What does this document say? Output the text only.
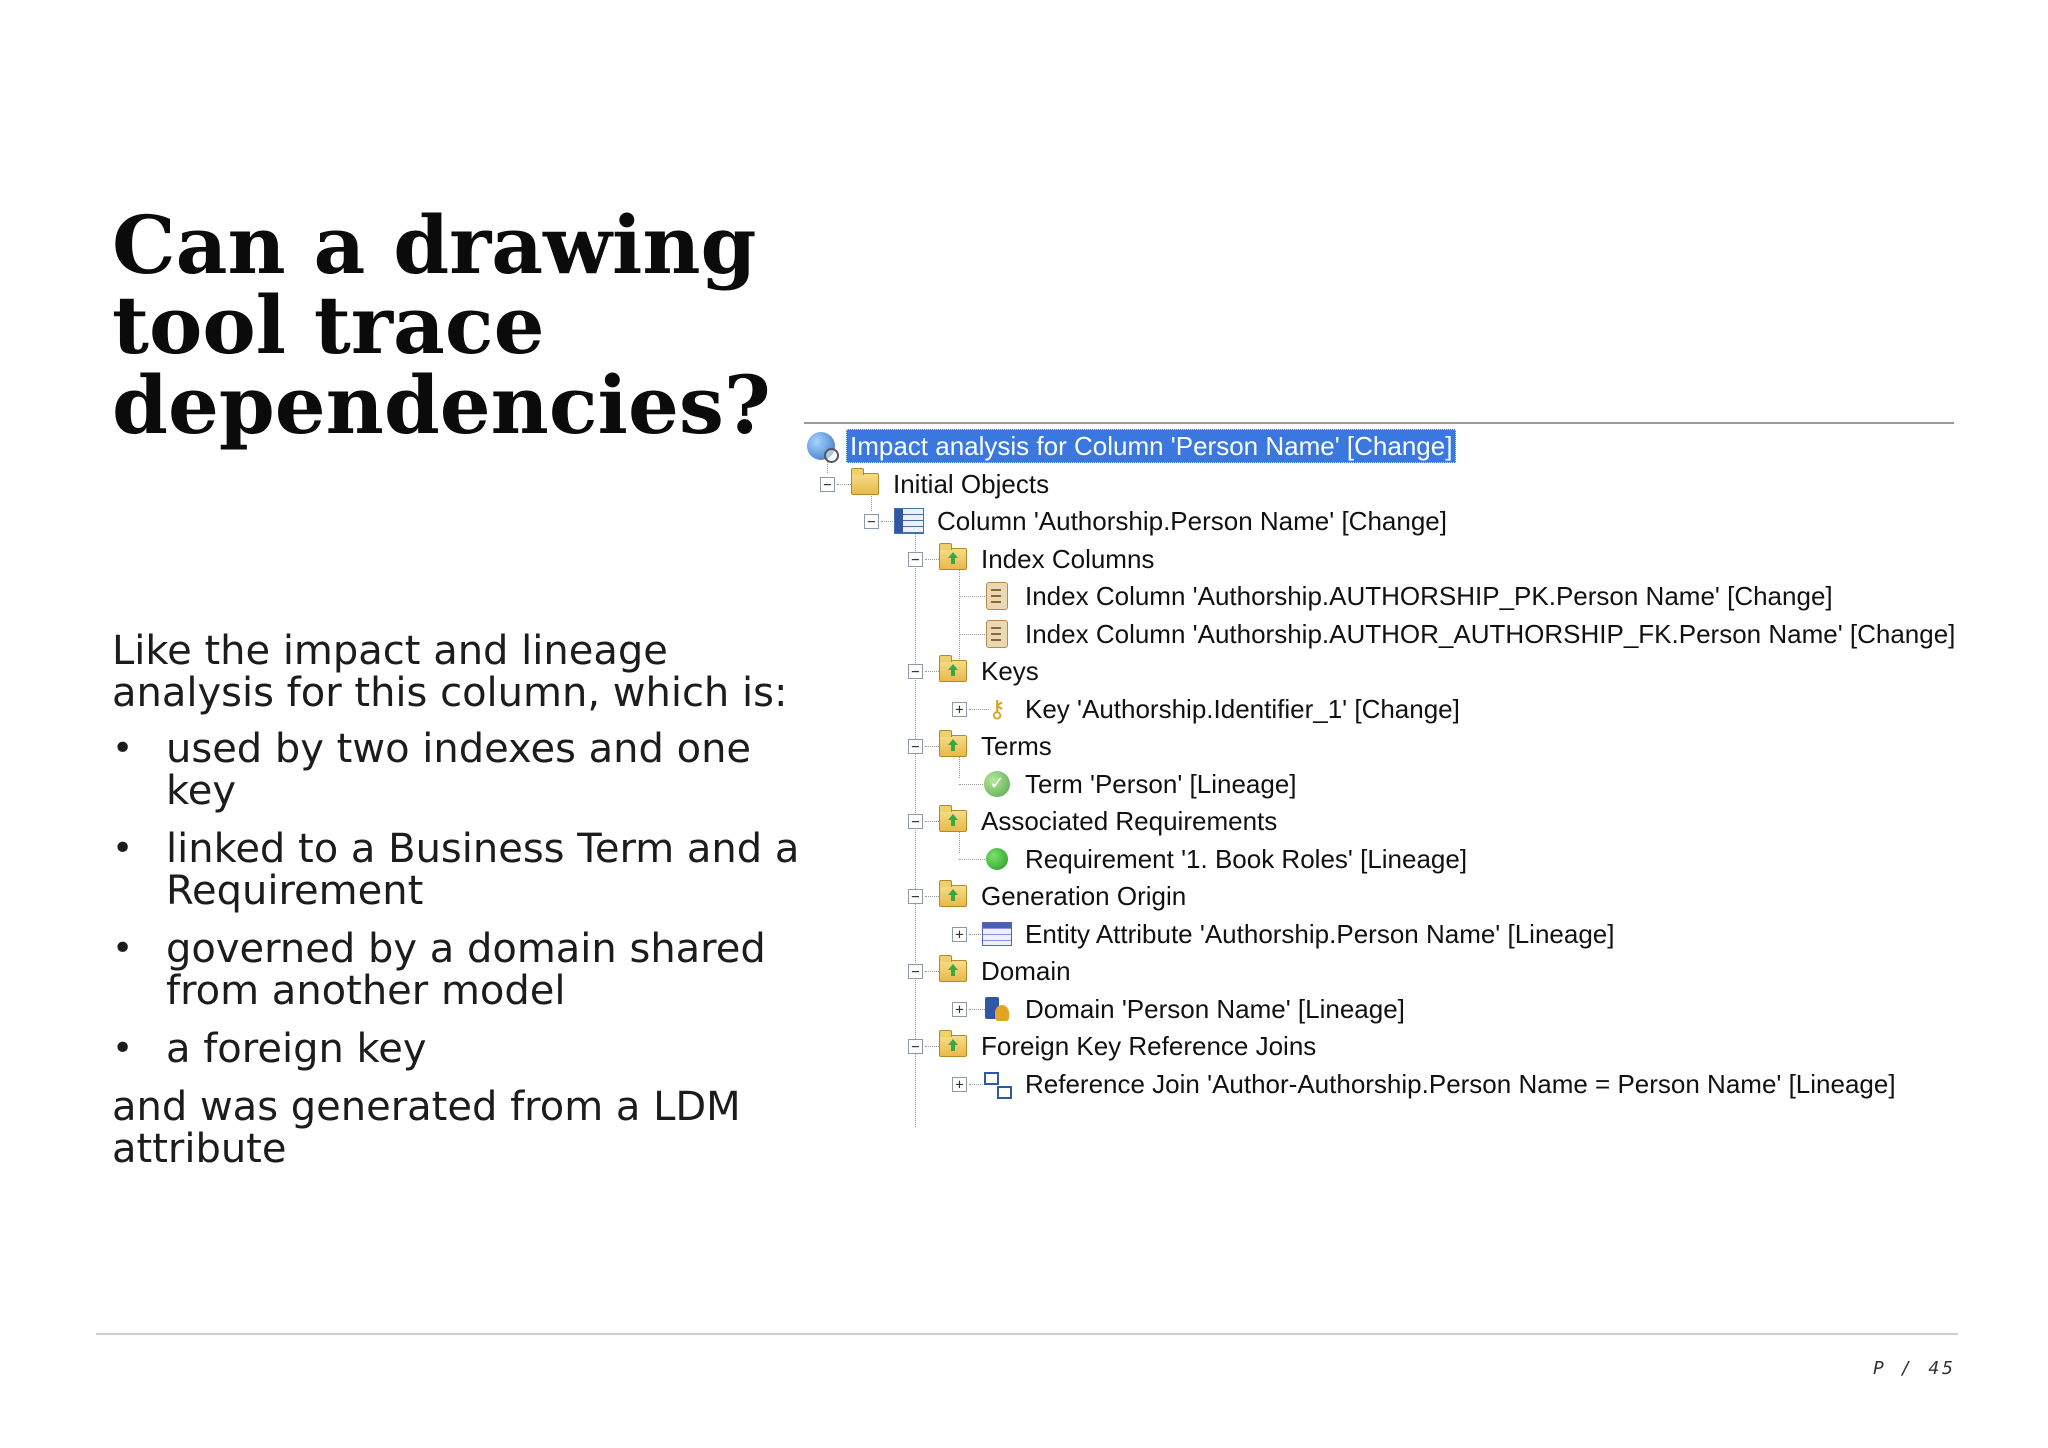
Can a drawing
tool trace
dependencies?

Like the impact and lineage analysis for this column, which is:

• used by two indexes and one key
• linked to a Business Term and a Requirement
• governed by a domain shared from another model
• a foreign key

and was generated from a LDM attribute

−
−
−
−
+
−
−
−
+
−
+
−
+
Impact analysis for Column 'Person Name' [Change]
Initial Objects
Column 'Authorship.Person Name' [Change]
Index Columns
Index Column 'Authorship.AUTHORSHIP_PK.Person Name' [Change]
Index Column 'Authorship.AUTHOR_AUTHORSHIP_FK.Person Name' [Change]
Keys
⚷ Key 'Authorship.Identifier_1' [Change]
Terms
✓ Term 'Person' [Lineage]
Associated Requirements
Requirement '1. Book Roles' [Lineage]
Generation Origin
Entity Attribute 'Authorship.Person Name' [Lineage]
Domain
Domain 'Person Name' [Lineage]
Foreign Key Reference Joins
Reference Join 'Author-Authorship.Person Name = Person Name' [Lineage]
P / 45
